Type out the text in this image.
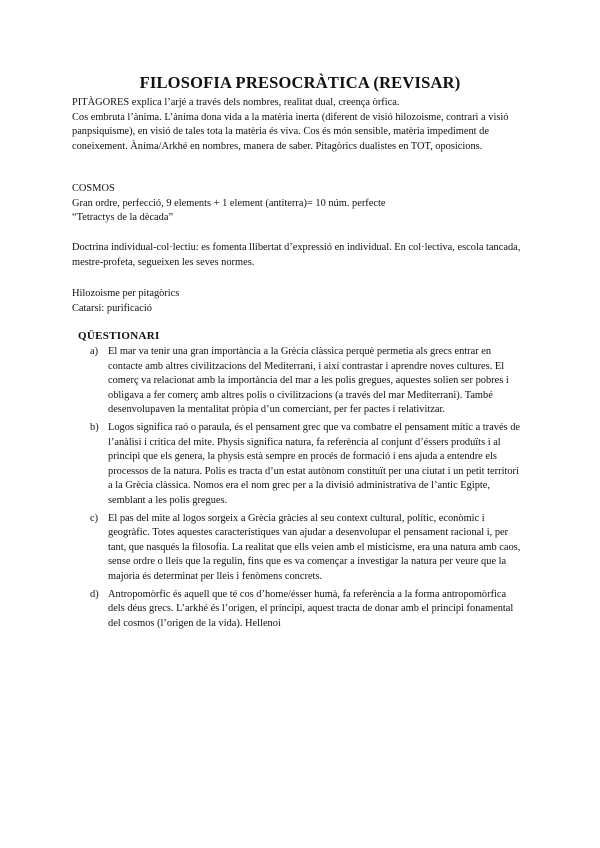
FILOSOFIA PRESOCRÀTICA (REVISAR)

PITÀGORES explica l’arjé a través dels nombres, realitat dual, creença òrfica.

Cos embruta l’ànima. L’ànima dona vida a la matèria inerta (diferent de visió hilozoisme, contrari a visió panpsiquisme), en visió de tales tota la matèria és viva. Cos és món sensible, matèria impediment de coneixement. Ànima/Arkhé en nombres, manera de saber. Pitagòrics dualistes en TOT, oposicions.

COSMOS

Gran ordre, perfecció, 9 elements + 1 element (antiterra)= 10 núm. perfecte

“Tetractys de la dècada”

Doctrina individual-col·lectiu: es fomenta llibertat d’expressió en individual. En col·lectiva, escola tancada, mestre-profeta, segueixen les seves normes.

Hilozoisme per pitagòrics

Catarsi: purificació

QÜESTIONARI
a) El mar va tenir una gran importància a la Grècia clàssica perquè permetia als grecs entrar en contacte amb altres civilitzacions del Mediterrani, i així contrastar i aprendre noves cultures. El comerç va relacionat amb la importància del mar a les polis gregues, aquestes solien ser pobres i obligava a fer comerç amb altres polis o civilitzacions (a través del mar Mediterrani). També desenvolupaven la mentalitat pròpia d’un comerciant, per fer pactes i relativitzar.
b) Logos significa raó o paraula, és el pensament grec que va combatre el pensament mític a través de l’anàlisi i crítica del mite. Physis significa natura, fa referència al conjunt d’éssers produïts i al principi que els genera, la physis està sempre en procés de formació i ens ajuda a entendre els processos de la natura. Polis es tracta d’un estat autònom constituït per una ciutat i un petit territori a la Grècia clàssica. Nomos era el nom grec per a la divisió administrativa de l’antic Egipte, semblant a les polis gregues.
c) El pas del mite al logos sorgeix a Grècia gràcies al seu context cultural, polític, econòmic i geogràfic. Totes aquestes característiques van ajudar a desenvolupar el pensament racional i, per tant, que nasqués la filosofia. La realitat que ells veien amb el misticisme, era una natura amb caos, sense ordre o lleis que la regulin, fins que es va començar a investigar la natura per veure que la majoria és determinat per lleis i fenòmens concrets.
d) Antropomòrfic és aquell que té cos d’home/ésser humà, fa referència a la forma antropomòrfica dels déus grecs. L’arkhé és l’origen, el principi, aquest tracta de donar amb el principi fonamental del cosmos (l’origen de la vida). Hellenoi
